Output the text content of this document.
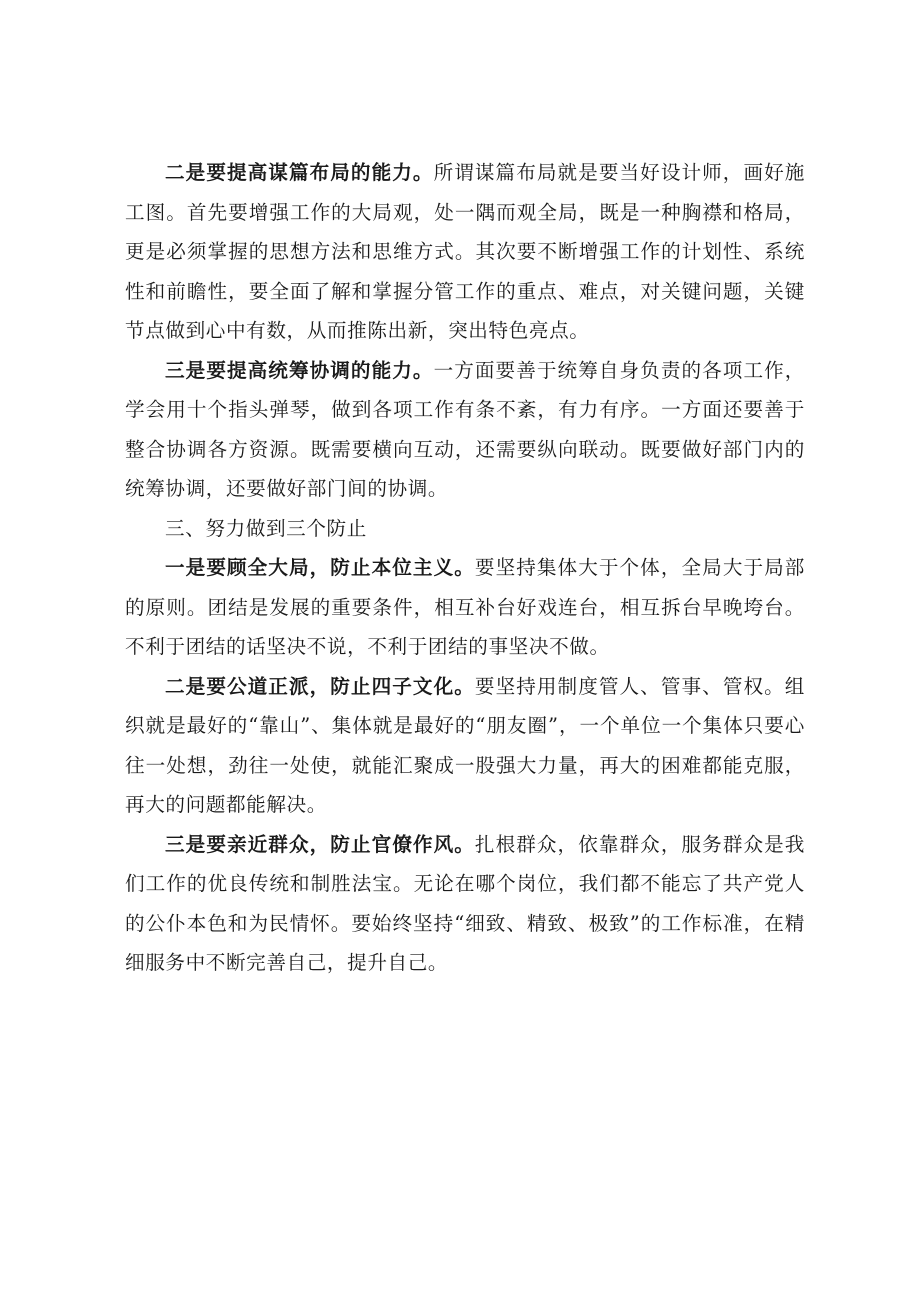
二是要提高谋篇布局的能力。所谓谋篇布局就是要当好设计师，画好施工图。首先要增强工作的大局观，处一隅而观全局，既是一种胸襟和格局，更是必须掌握的思想方法和思维方式。其次要不断增强工作的计划性、系统性和前瞻性，要全面了解和掌握分管工作的重点、难点，对关键问题，关键节点做到心中有数，从而推陈出新，突出特色亮点。

三是要提高统筹协调的能力。一方面要善于统筹自身负责的各项工作，学会用十个指头弹琴，做到各项工作有条不紊，有力有序。一方面还要善于整合协调各方资源。既需要横向互动，还需要纵向联动。既要做好部门内的统筹协调，还要做好部门间的协调。

三、努力做到三个防止

一是要顾全大局，防止本位主义。要坚持集体大于个体，全局大于局部的原则。团结是发展的重要条件，相互补台好戏连台，相互拆台早晚垮台。不利于团结的话坚决不说，不利于团结的事坚决不做。

二是要公道正派，防止四子文化。要坚持用制度管人、管事、管权。组织就是最好的“靠山”、集体就是最好的“朋友圈”，一个单位一个集体只要心往一处想，劲往一处使，就能汇聚成一股强大力量，再大的困难都能克服，再大的问题都能解决。

三是要亲近群众，防止官僚作风。扎根群众，依靠群众，服务群众是我们工作的优良传统和制胜法宝。无论在哪个岗位，我们都不能忘了共产党人的公仆本色和为民情怀。要始终坚持“细致、精致、极致”的工作标准，在精细服务中不断完善自己，提升自己。
